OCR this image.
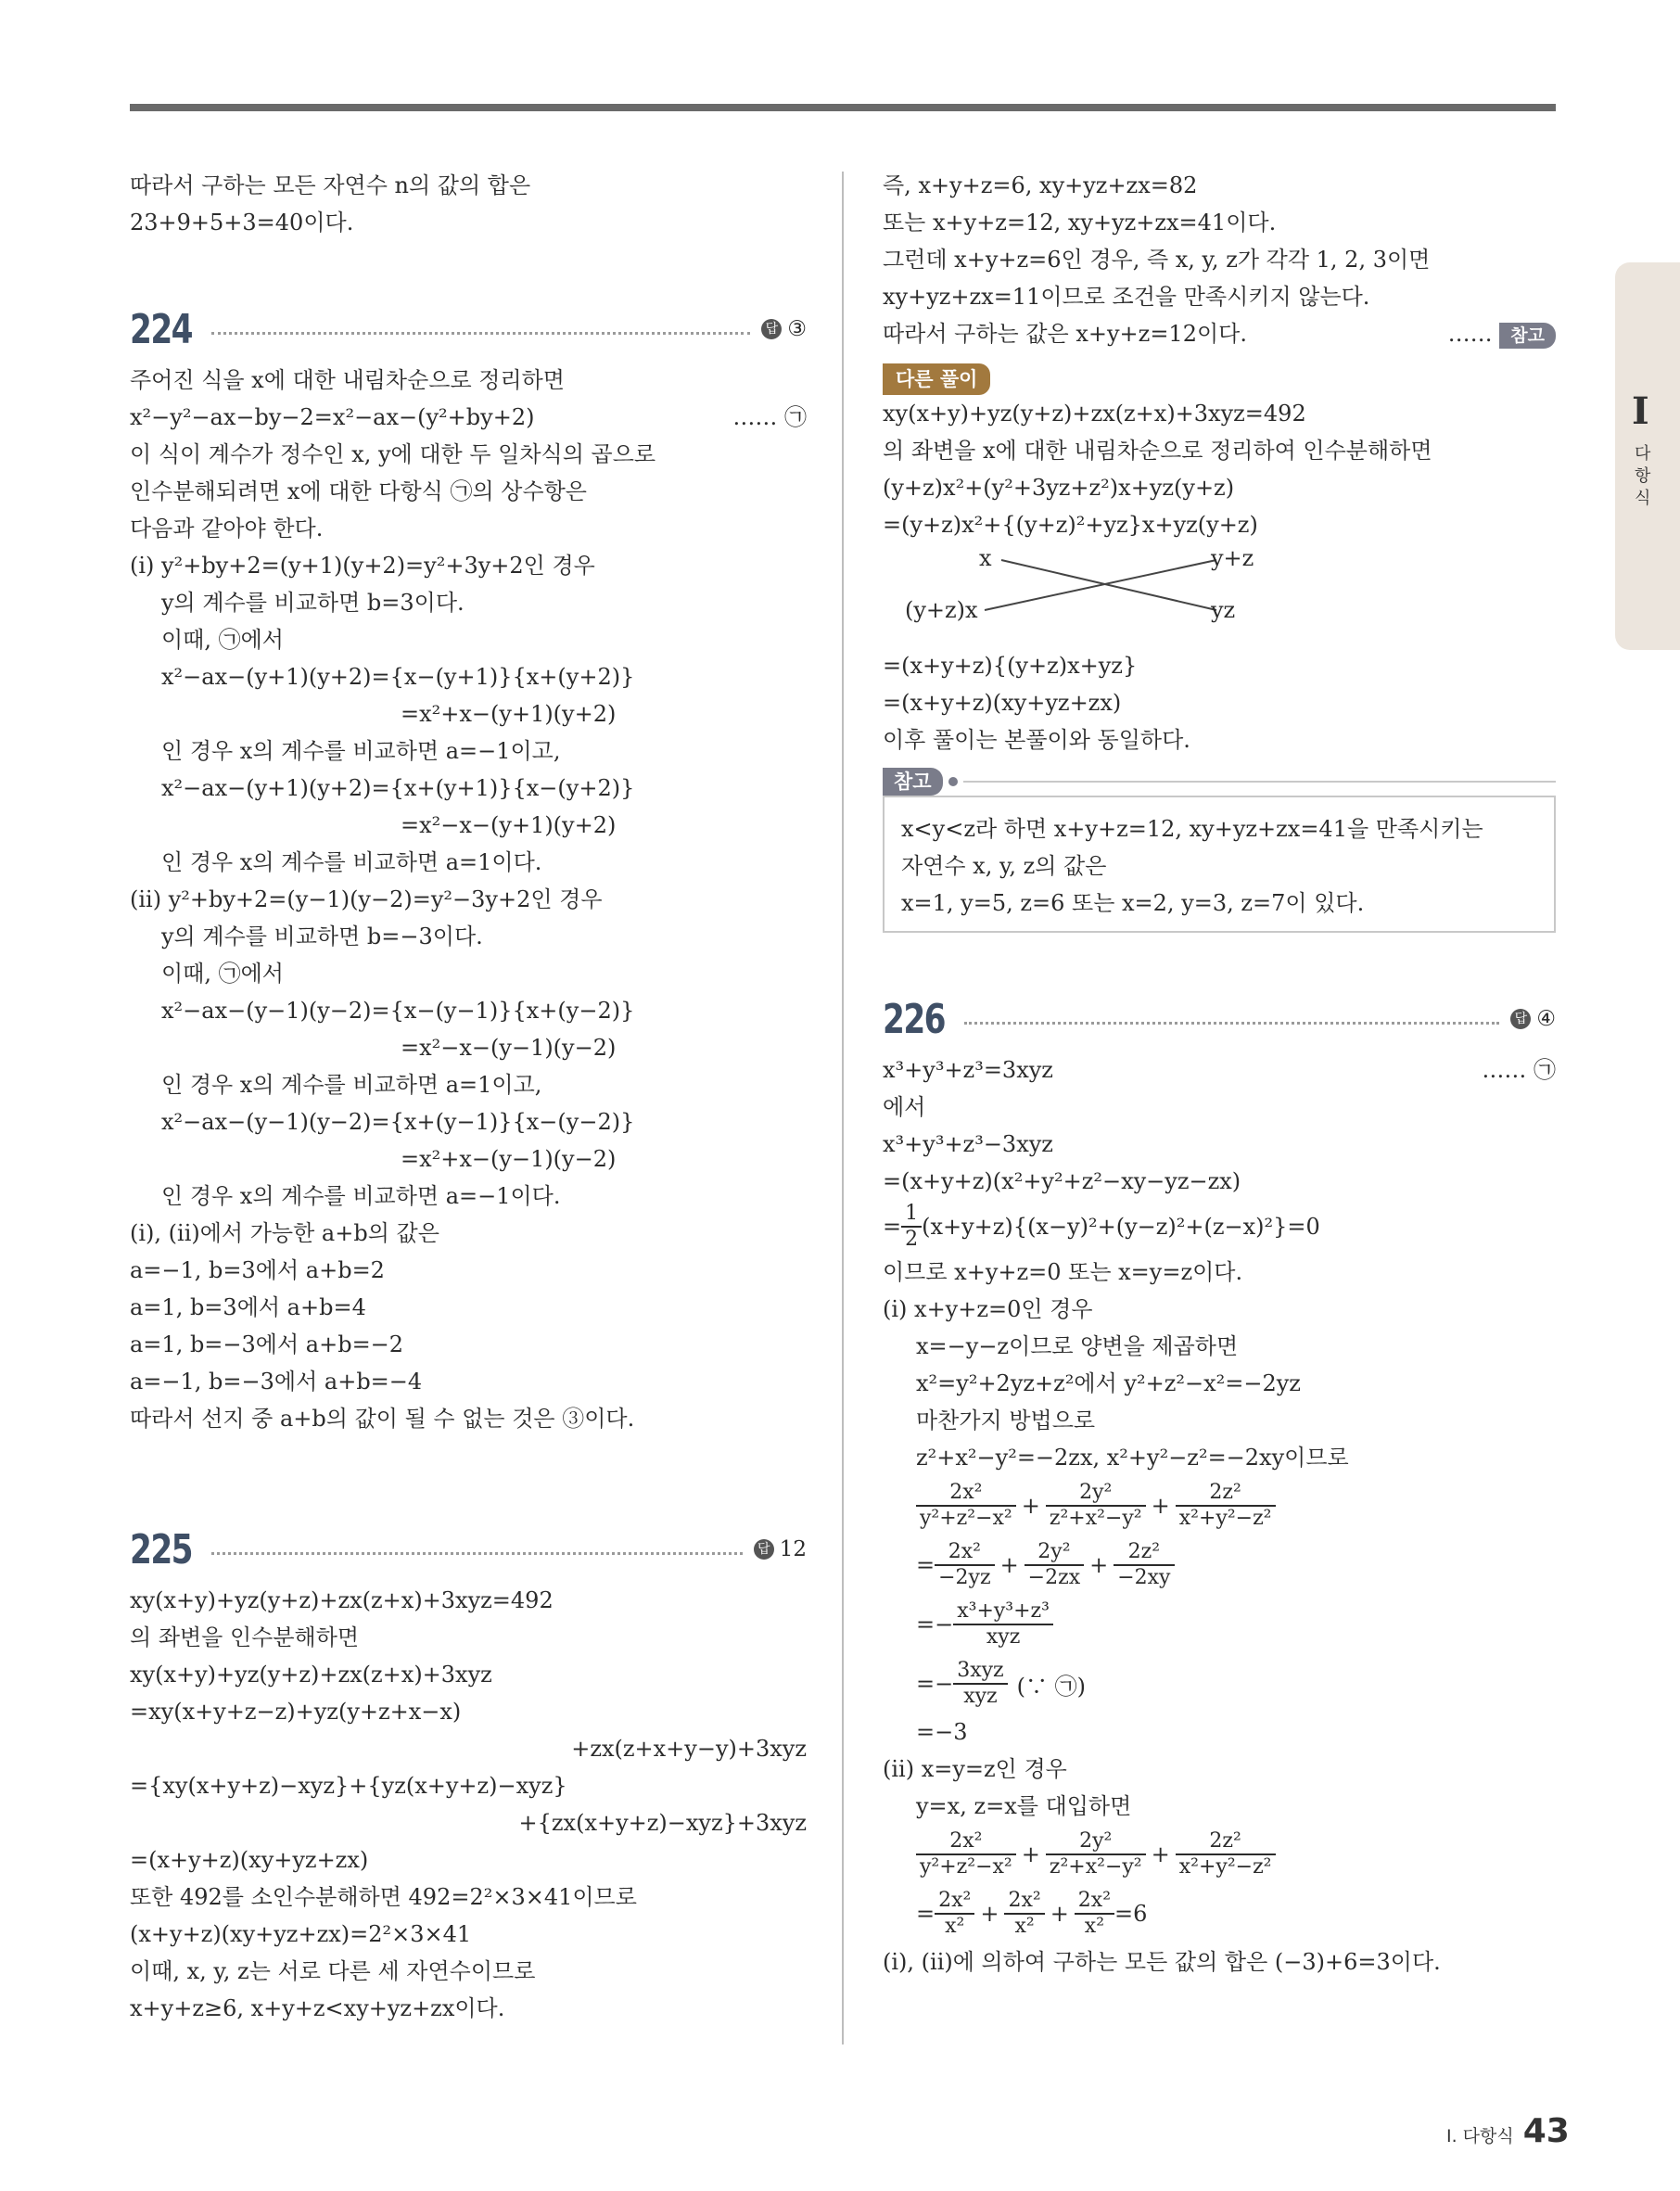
I
다항식
따라서 구하는 모든 자연수 n의 값의 합은
23+9+5+3=40이다.
224	답 ③
주어진 식을 x에 대한 내림차순으로 정리하면
x²−y²−ax−by−2=x²−ax−(y²+by+2)	…… ㉠
이 식이 계수가 정수인 x, y에 대한 두 일차식의 곱으로
인수분해되려면 x에 대한 다항식 ㉠의 상수항은
다음과 같아야 한다.
(i) y²+by+2=(y+1)(y+2)=y²+3y+2인 경우
y의 계수를 비교하면 b=3이다.
이때, ㉠에서
x²−ax−(y+1)(y+2)={x−(y+1)}{x+(y+2)}
=x²+x−(y+1)(y+2)
인 경우 x의 계수를 비교하면 a=−1이고,
x²−ax−(y+1)(y+2)={x+(y+1)}{x−(y+2)}
=x²−x−(y+1)(y+2)
인 경우 x의 계수를 비교하면 a=1이다.
(ii) y²+by+2=(y−1)(y−2)=y²−3y+2인 경우
y의 계수를 비교하면 b=−3이다.
이때, ㉠에서
x²−ax−(y−1)(y−2)={x−(y−1)}{x+(y−2)}
=x²−x−(y−1)(y−2)
인 경우 x의 계수를 비교하면 a=1이고,
x²−ax−(y−1)(y−2)={x+(y−1)}{x−(y−2)}
=x²+x−(y−1)(y−2)
인 경우 x의 계수를 비교하면 a=−1이다.
(i), (ii)에서 가능한 a+b의 값은
a=−1, b=3에서 a+b=2
a=1, b=3에서 a+b=4
a=1, b=−3에서 a+b=−2
a=−1, b=−3에서 a+b=−4
따라서 선지 중 a+b의 값이 될 수 없는 것은 ③이다.
225	답 12
xy(x+y)+yz(y+z)+zx(z+x)+3xyz=492
의 좌변을 인수분해하면
xy(x+y)+yz(y+z)+zx(z+x)+3xyz
=xy(x+y+z−z)+yz(y+z+x−x)
+zx(z+x+y−y)+3xyz
={xy(x+y+z)−xyz}+{yz(x+y+z)−xyz}
+{zx(x+y+z)−xyz}+3xyz
=(x+y+z)(xy+yz+zx)
또한 492를 소인수분해하면 492=2²×3×41이므로
(x+y+z)(xy+yz+zx)=2²×3×41
이때, x, y, z는 서로 다른 세 자연수이므로
x+y+z≥6, x+y+z<xy+yz+zx이다.
즉, x+y+z=6, xy+yz+zx=82
또는 x+y+z=12, xy+yz+zx=41이다.
그런데 x+y+z=6인 경우, 즉 x, y, z가 각각 1, 2, 3이면
xy+yz+zx=11이므로 조건을 만족시키지 않는다.
따라서 구하는 값은 x+y+z=12이다.	…… 참고
다른 풀이
xy(x+y)+yz(y+z)+zx(z+x)+3xyz=492
의 좌변을 x에 대한 내림차순으로 정리하여 인수분해하면
(y+z)x²+(y²+3yz+z²)x+yz(y+z)
=(y+z)x²+{(y+z)²+yz}x+yz(y+z)
x	y+z
(y+z)x	yz
=(x+y+z){(y+z)x+yz}
=(x+y+z)(xy+yz+zx)
이후 풀이는 본풀이와 동일하다.
참고
x<y<z라 하면 x+y+z=12, xy+yz+zx=41을 만족시키는
자연수 x, y, z의 값은
x=1, y=5, z=6 또는 x=2, y=3, z=7이 있다.
226	답 ④
x³+y³+z³=3xyz	…… ㉠
에서
x³+y³+z³−3xyz
=(x+y+z)(x²+y²+z²−xy−yz−zx)
= $\frac{1}{2} (x+y+z)\{(x-y)^2+(y-z)^2+(z-x)^2\}=0$
이므로 x+y+z=0 또는 x=y=z이다.
(i) x+y+z=0인 경우
x=−y−z이므로 양변을 제곱하면
x²=y²+2yz+z²에서 y²+z²−x²=−2yz
마찬가지 방법으로
z²+x²−y²=−2zx, x²+y²−z²=−2xy이므로
$\frac{\text{2x²}}{\text{y²+z²−x²}} + \frac{\text{2y²}}{\text{z²+x²−y²}} + \frac{\text{2z²}}{\text{x²+y²−z²}}$
= $\frac{\text{2x²}}{-2yz} + \frac{\text{2y²}}{-2zx} + \frac{\text{2z²}}{-2xy}$
=− $\frac{\text{x³+y³+z³}}{\text{xyz}}$
=− $\frac{\text{3xyz}}{\text{xyz}}$ (∵ ㉠)
=−3
(ii) x=y=z인 경우
y=x, z=x를 대입하면
$\frac{\text{2x²}}{\text{y²+z²−x²}} + \frac{\text{2y²}}{\text{z²+x²−y²}} + \frac{\text{2z²}}{\text{x²+y²−z²}}$
= $\frac{\text{2x²}}{\text{x²}} + \frac{\text{2x²}}{\text{x²}} + \frac{\text{2x²}}{\text{x²}} =6$
(i), (ii)에 의하여 구하는 모든 값의 합은 (−3)+6=3이다.
I. 다항식 43
